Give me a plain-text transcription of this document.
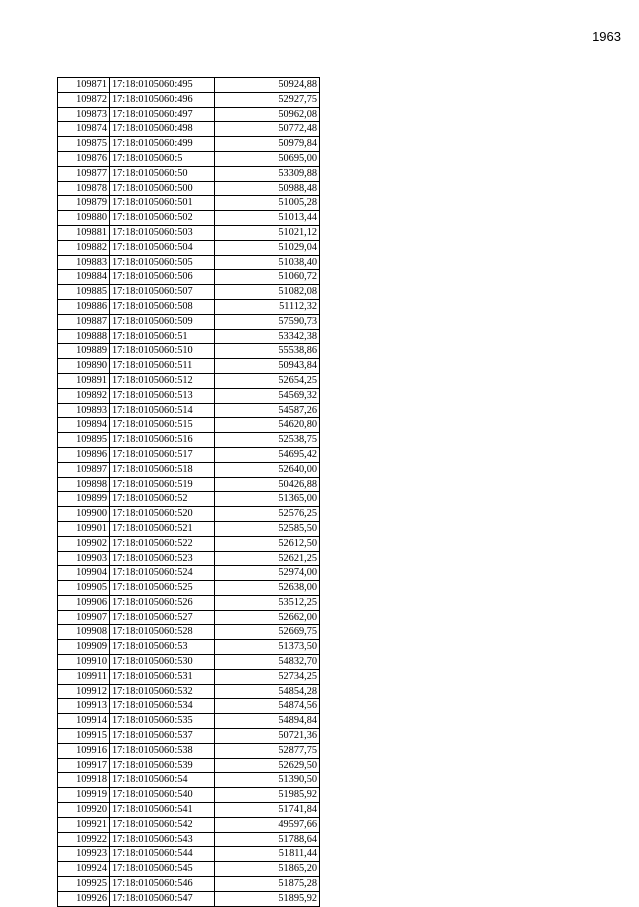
1963
109871	17:18:0105060:495	50924,88
109872	17:18:0105060:496	52927,75
109873	17:18:0105060:497	50962,08
109874	17:18:0105060:498	50772,48
109875	17:18:0105060:499	50979,84
109876	17:18:0105060:5	50695,00
109877	17:18:0105060:50	53309,88
109878	17:18:0105060:500	50988,48
109879	17:18:0105060:501	51005,28
109880	17:18:0105060:502	51013,44
109881	17:18:0105060:503	51021,12
109882	17:18:0105060:504	51029,04
109883	17:18:0105060:505	51038,40
109884	17:18:0105060:506	51060,72
109885	17:18:0105060:507	51082,08
109886	17:18:0105060:508	51112,32
109887	17:18:0105060:509	57590,73
109888	17:18:0105060:51	53342,38
109889	17:18:0105060:510	55538,86
109890	17:18:0105060:511	50943,84
109891	17:18:0105060:512	52654,25
109892	17:18:0105060:513	54569,32
109893	17:18:0105060:514	54587,26
109894	17:18:0105060:515	54620,80
109895	17:18:0105060:516	52538,75
109896	17:18:0105060:517	54695,42
109897	17:18:0105060:518	52640,00
109898	17:18:0105060:519	50426,88
109899	17:18:0105060:52	51365,00
109900	17:18:0105060:520	52576,25
109901	17:18:0105060:521	52585,50
109902	17:18:0105060:522	52612,50
109903	17:18:0105060:523	52621,25
109904	17:18:0105060:524	52974,00
109905	17:18:0105060:525	52638,00
109906	17:18:0105060:526	53512,25
109907	17:18:0105060:527	52662,00
109908	17:18:0105060:528	52669,75
109909	17:18:0105060:53	51373,50
109910	17:18:0105060:530	54832,70
109911	17:18:0105060:531	52734,25
109912	17:18:0105060:532	54854,28
109913	17:18:0105060:534	54874,56
109914	17:18:0105060:535	54894,84
109915	17:18:0105060:537	50721,36
109916	17:18:0105060:538	52877,75
109917	17:18:0105060:539	52629,50
109918	17:18:0105060:54	51390,50
109919	17:18:0105060:540	51985,92
109920	17:18:0105060:541	51741,84
109921	17:18:0105060:542	49597,66
109922	17:18:0105060:543	51788,64
109923	17:18:0105060:544	51811,44
109924	17:18:0105060:545	51865,20
109925	17:18:0105060:546	51875,28
109926	17:18:0105060:547	51895,92
